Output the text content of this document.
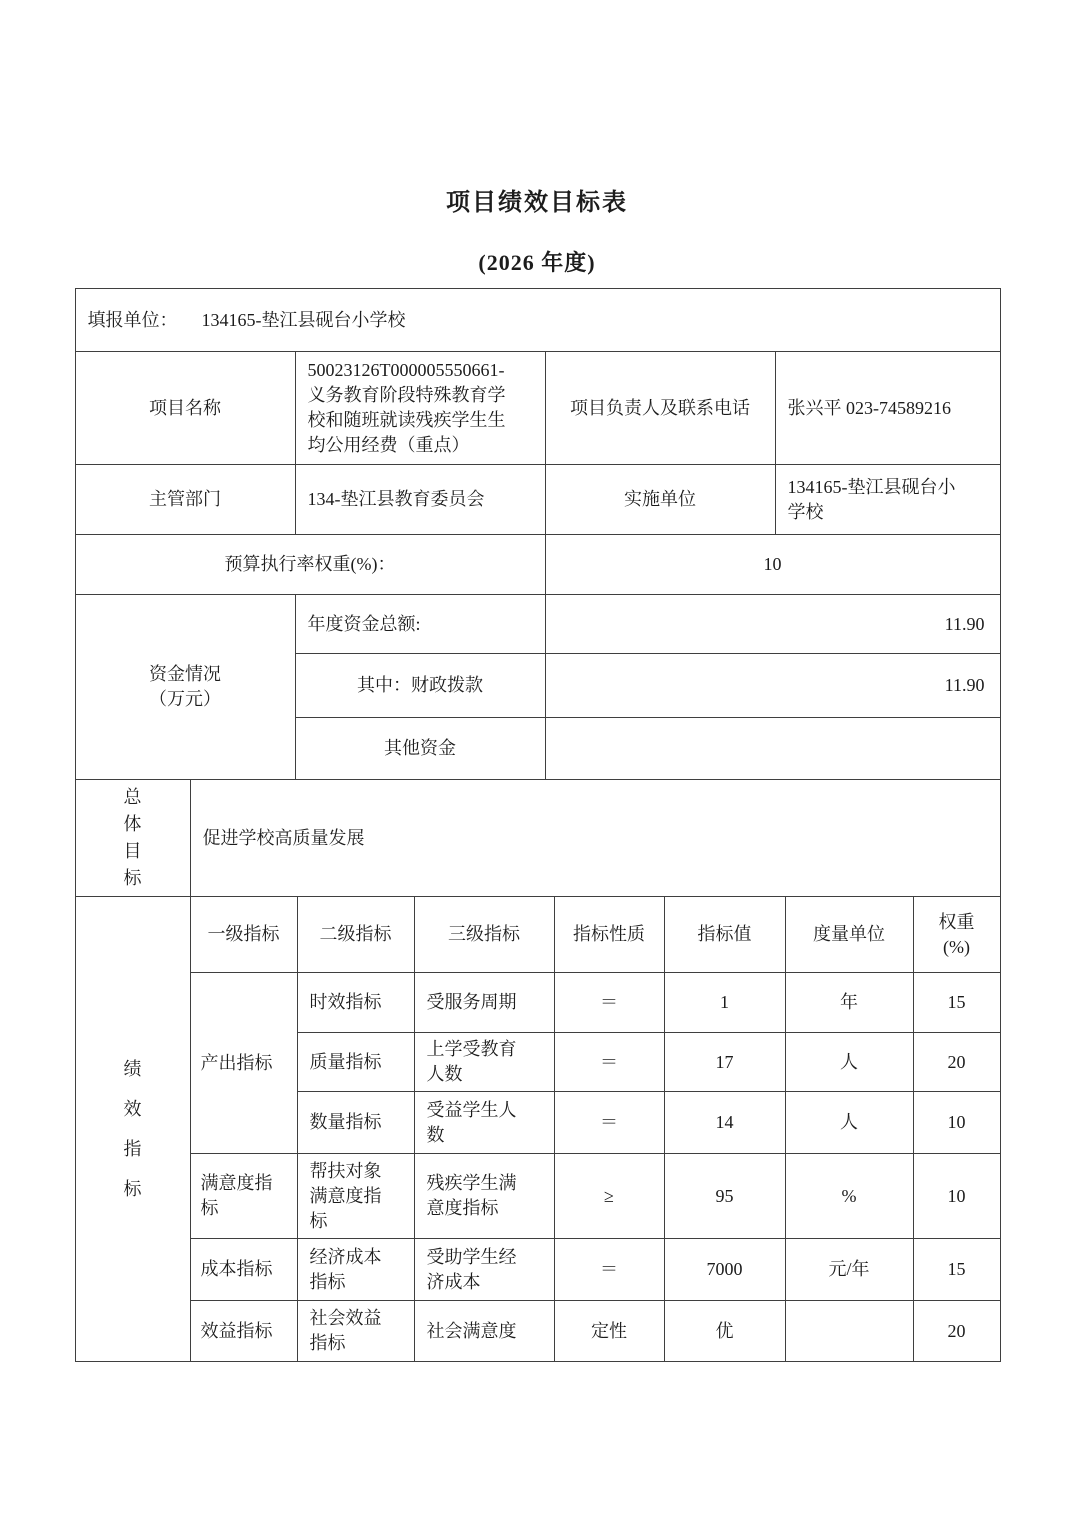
项目绩效目标表
(2026 年度)
填报单位： 134165-垫江县砚台小学校			
项目名称	50023126T000005550661-义务教育阶段特殊教育学校和随班就读残疾学生生均公用经费（重点）	项目负责人及联系电话	张兴平 023-74589216
主管部门	134-垫江县教育委员会	实施单位	134165-垫江县砚台小学校
预算执行率权重(%)：		10	
资金情况
（万元）	年度资金总额:	11.90
	其中：财政拨款	11.90
	其他资金	
总体目标
	促进学校高质量发展
绩效指标	一级指标	二级指标	三级指标	指标性质	指标值	度量单位	权重(%)
	产出指标	时效指标	受服务周期	＝	1	年	15
		质量指标	上学受教育人数	＝	17	人	20
		数量指标	受益学生人数	＝	14	人	10
	满意度指标	帮扶对象满意度指标	残疾学生满意度指标	≥	95	%	10
	成本指标	经济成本指标	受助学生经济成本	＝	7000	元/年	15
	效益指标	社会效益指标	社会满意度	定性	优		20
